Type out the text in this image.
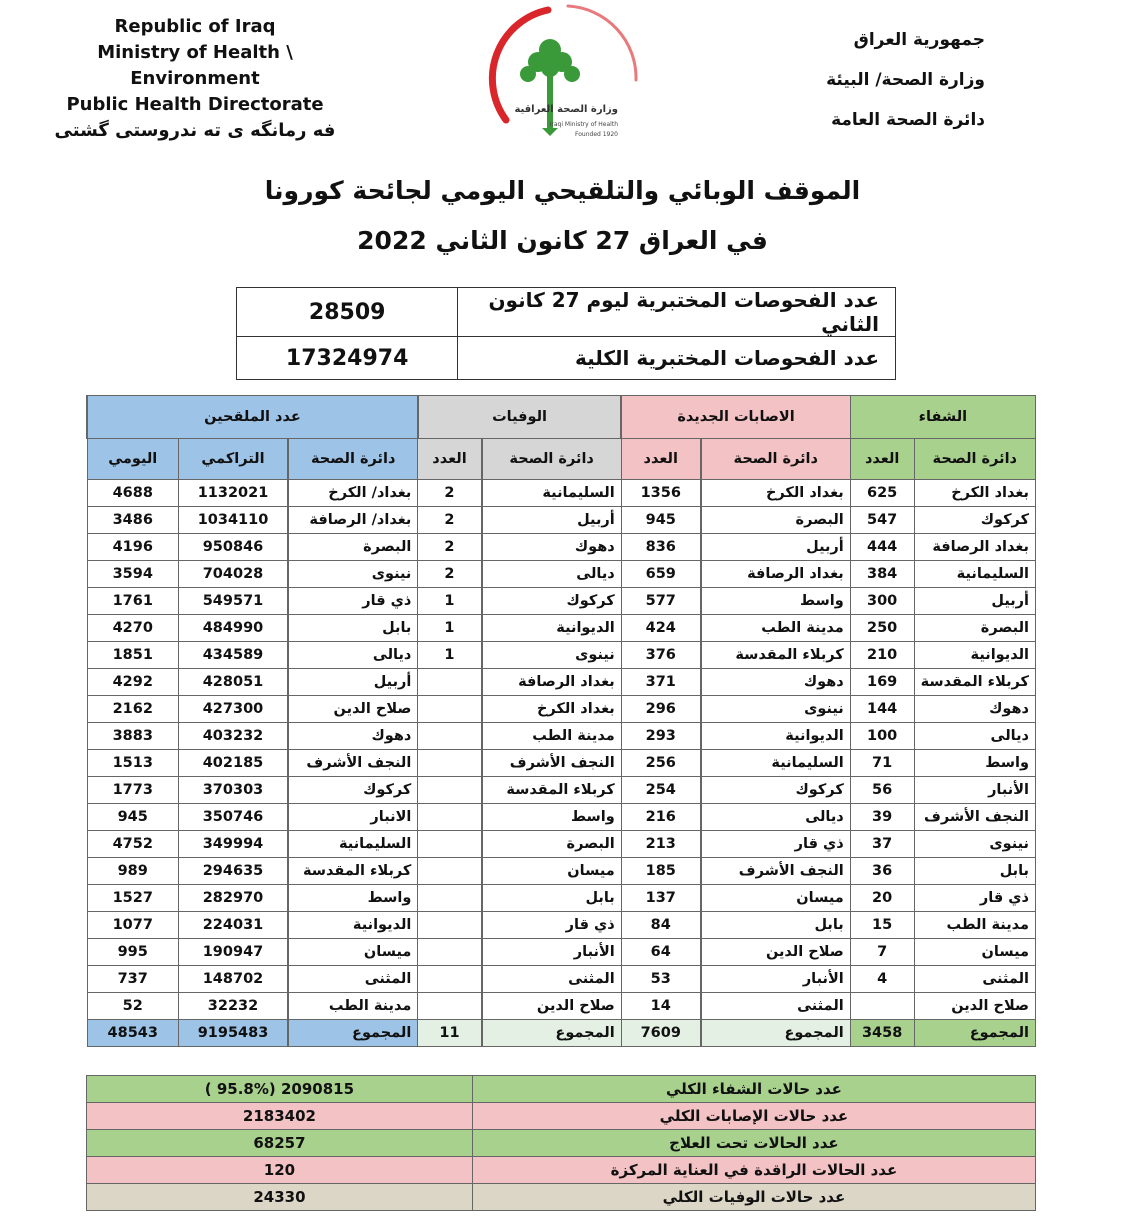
Republic of Iraq
Ministry of Health \ Environment
Public Health Directorate
فه رمانگه ی ته ندروستی گشتی
وزارة الصحة العراقية
Iraqi Ministry of Health
Founded 1920
جمهورية العراق
وزارة الصحة/ البيئة
دائرة الصحة العامة
الموقف الوبائي والتلقيحي اليومي لجائحة كورونا
في العراق 27 كانون الثاني 2022
28509	عدد الفحوصات المختبرية ليوم 27 كانون الثاني
17324974	عدد الفحوصات المختبرية الكلية
عدد الملقحين			الوفيات		الاصابات الجديدة		الشفاء	
اليومي	التراكمي	دائرة الصحة	العدد	دائرة الصحة	العدد	دائرة الصحة	العدد	دائرة الصحة
4688	1132021	بغداد/ الكرخ	2	السليمانية	1356	بغداد الكرخ	625	بغداد الكرخ
3486	1034110	بغداد/ الرصافة	2	أربيل	945	البصرة	547	كركوك
4196	950846	البصرة	2	دهوك	836	أربيل	444	بغداد الرصافة
3594	704028	نينوى	2	ديالى	659	بغداد الرصافة	384	السليمانية
1761	549571	ذي قار	1	كركوك	577	واسط	300	أربيل
4270	484990	بابل	1	الديوانية	424	مدينة الطب	250	البصرة
1851	434589	ديالى	1	نينوى	376	كربلاء المقدسة	210	الديوانية
4292	428051	أربيل		بغداد الرصافة	371	دهوك	169	كربلاء المقدسة
2162	427300	صلاح الدين		بغداد الكرخ	296	نينوى	144	دهوك
3883	403232	دهوك		مدينة الطب	293	الديوانية	100	ديالى
1513	402185	النجف الأشرف		النجف الأشرف	256	السليمانية	71	واسط
1773	370303	كركوك		كربلاء المقدسة	254	كركوك	56	الأنبار
945	350746	الانبار		واسط	216	ديالى	39	النجف الأشرف
4752	349994	السليمانية		البصرة	213	ذي قار	37	نينوى
989	294635	كربلاء المقدسة		ميسان	185	النجف الأشرف	36	بابل
1527	282970	واسط		بابل	137	ميسان	20	ذي قار
1077	224031	الديوانية		ذي قار	84	بابل	15	مدينة الطب
995	190947	ميسان		الأنبار	64	صلاح الدين	7	ميسان
737	148702	المثنى		المثنى	53	الأنبار	4	المثنى
52	32232	مدينة الطب		صلاح الدين	14	المثنى		صلاح الدين
48543	9195483	المجموع	11	المجموع	7609	المجموع	3458	المجموع
( 95.8%) 2090815	عدد حالات الشفاء الكلي
2183402	عدد حالات الإصابات الكلي
68257	عدد الحالات تحت العلاج
120	عدد الحالات الراقدة في العناية المركزة
24330	عدد حالات الوفيات الكلي
